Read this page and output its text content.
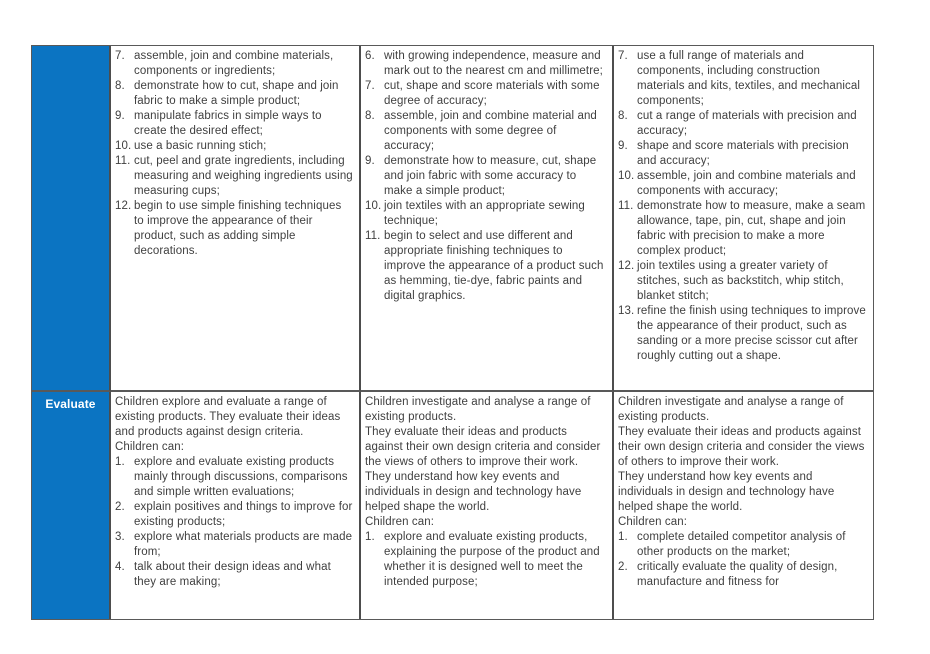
7. assemble, join and combine materials, components or ingredients;
8. demonstrate how to cut, shape and join fabric to make a simple product;
9. manipulate fabrics in simple ways to create the desired effect;
10. use a basic running stich;
11. cut, peel and grate ingredients, including measuring and weighing ingredients using measuring cups;
12. begin to use simple finishing techniques to improve the appearance of their product, such as adding simple decorations.
6. with growing independence, measure and mark out to the nearest cm and millimetre;
7. cut, shape and score materials with some degree of accuracy;
8. assemble, join and combine material and components with some degree of accuracy;
9. demonstrate how to measure, cut, shape and join fabric with some accuracy to make a simple product;
10. join textiles with an appropriate sewing technique;
11. begin to select and use different and appropriate finishing techniques to improve the appearance of a product such as hemming, tie-dye, fabric paints and digital graphics.
7. use a full range of materials and components, including construction materials and kits, textiles, and mechanical components;
8. cut a range of materials with precision and accuracy;
9. shape and score materials with precision and accuracy;
10. assemble, join and combine materials and components with accuracy;
11. demonstrate how to measure, make a seam allowance, tape, pin, cut, shape and join fabric with precision to make a more complex product;
12. join textiles using a greater variety of stitches, such as backstitch, whip stitch, blanket stitch;
13. refine the finish using techniques to improve the appearance of their product, such as sanding or a more precise scissor cut after roughly cutting out a shape.
Evaluate	Children explore and evaluate a range of existing products. They evaluate their ideas and products against design criteria.
Children can:
1. explore and evaluate existing products mainly through discussions, comparisons and simple written evaluations;
2. explain positives and things to improve for existing products;
3. explore what materials products are made from;
4. talk about their design ideas and what they are making;
Children investigate and analyse a range of existing products.
They evaluate their ideas and products against their own design criteria and consider the views of others to improve their work.
They understand how key events and individuals in design and technology have helped shape the world.
Children can:
1. explore and evaluate existing products, explaining the purpose of the product and whether it is designed well to meet the intended purpose;
Children investigate and analyse a range of existing products.
They evaluate their ideas and products against their own design criteria and consider the views of others to improve their work.
They understand how key events and individuals in design and technology have helped shape the world.
Children can:
1. complete detailed competitor analysis of other products on the market;
2. critically evaluate the quality of design, manufacture and fitness for
